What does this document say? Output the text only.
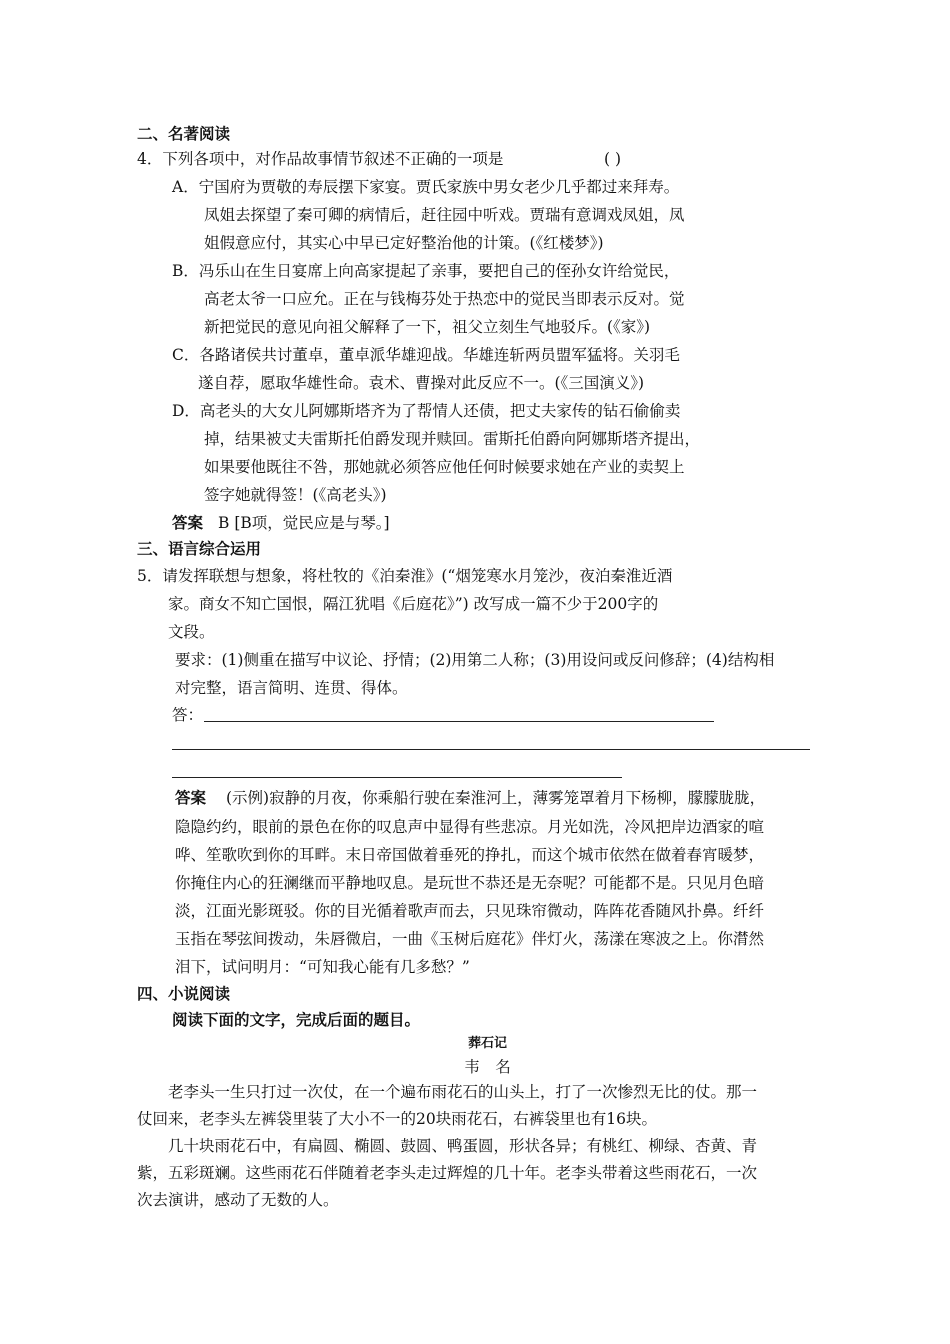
二、名著阅读
4．下列各项中，对作品故事情节叙述不正确的一项是	( )
A．宁国府为贾敬的寿辰摆下家宴。贾氏家族中男女老少几乎都过来拜寿。
凤姐去探望了秦可卿的病情后，赶往园中听戏。贾瑞有意调戏凤姐，凤
姐假意应付，其实心中早已定好整治他的计策。(《红楼梦》)
B．冯乐山在生日宴席上向高家提起了亲事，要把自己的侄孙女许给觉民，
高老太爷一口应允。正在与钱梅芬处于热恋中的觉民当即表示反对。觉
新把觉民的意见向祖父解释了一下，祖父立刻生气地驳斥。(《家》)
C．各路诸侯共讨董卓，董卓派华雄迎战。华雄连斩两员盟军猛将。关羽毛
遂自荐，愿取华雄性命。袁术、曹操对此反应不一。(《三国演义》)
D．高老头的大女儿阿娜斯塔齐为了帮情人还债，把丈夫家传的钻石偷偷卖
掉，结果被丈夫雷斯托伯爵发现并赎回。雷斯托伯爵向阿娜斯塔齐提出，
如果要他既往不咎，那她就必须答应他任何时候要求她在产业的卖契上
签字她就得签！(《高老头》)
答案 B [B项，觉民应是与琴。]
三、语言综合运用
5．请发挥联想与想象，将杜牧的《泊秦淮》(“烟笼寒水月笼沙，夜泊秦淮近酒
家。商女不知亡国恨，隔江犹唱《后庭花》”) 改写成一篇不少于200字的
文段。
要求：(1)侧重在描写中议论、抒情；(2)用第二人称；(3)用设问或反问修辞；(4)结构相
对完整，语言简明、连贯、得体。
答：
答案 (示例)寂静的月夜，你乘船行驶在秦淮河上，薄雾笼罩着月下杨柳，朦朦胧胧，
隐隐约约，眼前的景色在你的叹息声中显得有些悲凉。月光如洗，冷风把岸边酒家的喧
哗、笙歌吹到你的耳畔。末日帝国做着垂死的挣扎，而这个城市依然在做着春宵暖梦，
你掩住内心的狂澜继而平静地叹息。是玩世不恭还是无奈呢？可能都不是。只见月色暗
淡，江面光影斑驳。你的目光循着歌声而去，只见珠帘微动，阵阵花香随风扑鼻。纤纤
玉指在琴弦间拨动，朱唇微启，一曲《玉树后庭花》伴灯火，荡漾在寒波之上。你潸然
泪下，试问明月：“可知我心能有几多愁？”
四、小说阅读
阅读下面的文字，完成后面的题目。
葬石记
韦　名
老李头一生只打过一次仗，在一个遍布雨花石的山头上，打了一次惨烈无比的仗。那一
仗回来，老李头左裤袋里装了大小不一的20块雨花石，右裤袋里也有16块。
几十块雨花石中，有扁圆、椭圆、鼓圆、鸭蛋圆，形状各异；有桃红、柳绿、杏黄、青
紫，五彩斑斓。这些雨花石伴随着老李头走过辉煌的几十年。老李头带着这些雨花石，一次
次去演讲，感动了无数的人。
